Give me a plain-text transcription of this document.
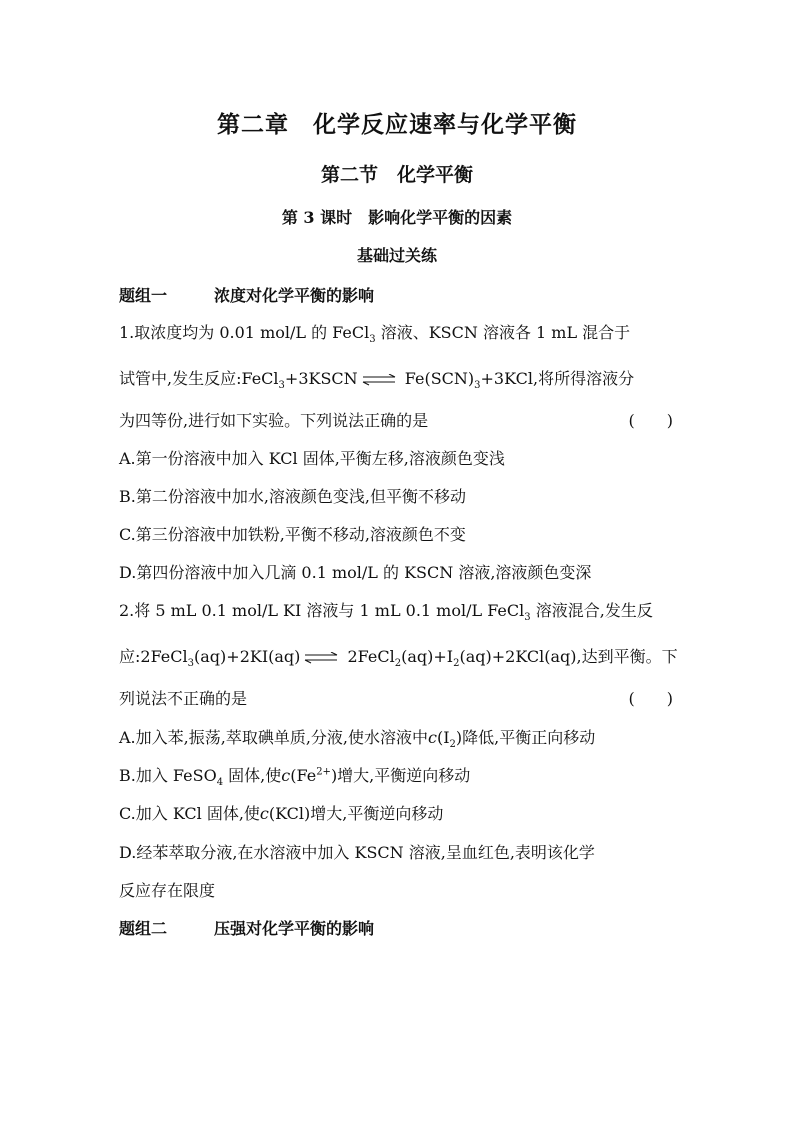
第二章　化学反应速率与化学平衡
第二节　化学平衡
第 3 课时　影响化学平衡的因素
基础过关练
题组一	浓度对化学平衡的影响
1.取浓度均为 0.01 mol/L 的 FeCl$_3$ 溶液、KSCN 溶液各 1 mL 混合于
试管中,发生反应:FeCl$_3$+3KSCN ⇌ $Fe(SCN)_3+3KCl$,将所得溶液分
为四等份,进行如下实验。下列说法正确的是	(　　)
A.第一份溶液中加入 KCl 固体,平衡左移,溶液颜色变浅
B.第二份溶液中加水,溶液颜色变浅,但平衡不移动
C.第三份溶液中加铁粉,平衡不移动,溶液颜色不变
D.第四份溶液中加入几滴 0.1 mol/L 的 KSCN 溶液,溶液颜色变深
2.将 5 mL 0.1 mol/L KI 溶液与 1 mL 0.1 mol/L FeCl$_3$ 溶液混合,发生反
应:2FeCl$_3$(aq)+2KI(aq) ⇌ $2FeCl_2(aq)+I_2(aq)+2KCl(aq)$,达到平衡。下
列说法不正确的是	(　　)
A.加入苯,振荡,萃取碘单质,分液,使水溶液中$c(I_2)$降低,平衡正向移动
B.加入 FeSO$_4$ 固体,使$c(Fe^{2+})$增大,平衡逆向移动
C.加入 KCl 固体,使c(KCl)增大,平衡逆向移动
D.经苯萃取分液,在水溶液中加入 KSCN 溶液,呈血红色,表明该化学
反应存在限度
题组二	压强对化学平衡的影响
